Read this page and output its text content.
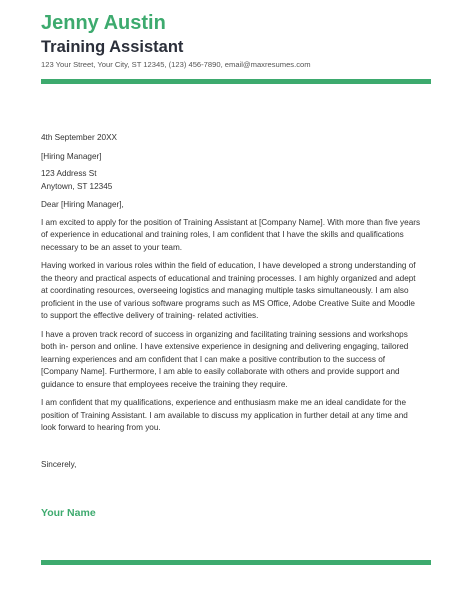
Jenny Austin
Training Assistant
123 Your Street, Your City, ST 12345, (123) 456-7890, email@maxresumes.com
4th September 20XX
[Hiring Manager]
123 Address St
Anytown, ST 12345
Dear [Hiring Manager],
I am excited to apply for the position of Training Assistant at [Company Name]. With more than five years
of experience in educational and training roles, I am confident that I have the skills and qualifications
necessary to be an asset to your team.
Having worked in various roles within the field of education, I have developed a strong understanding of
the theory and practical aspects of educational and training processes. I am highly organized and adept
at coordinating resources, overseeing logistics and managing multiple tasks simultaneously. I am also
proficient in the use of various software programs such as MS Office, Adobe Creative Suite and Moodle
to support the effective delivery of training- related activities.
I have a proven track record of success in organizing and facilitating training sessions and workshops
both in- person and online. I have extensive experience in designing and delivering engaging, tailored
learning experiences and am confident that I can make a positive contribution to the success of
[Company Name]. Furthermore, I am able to easily collaborate with others and provide support and
guidance to ensure that employees receive the training they require.
I am confident that my qualifications, experience and enthusiasm make me an ideal candidate for the
position of Training Assistant. I am available to discuss my application in further detail at any time and
look forward to hearing from you.
Sincerely,
Your Name
